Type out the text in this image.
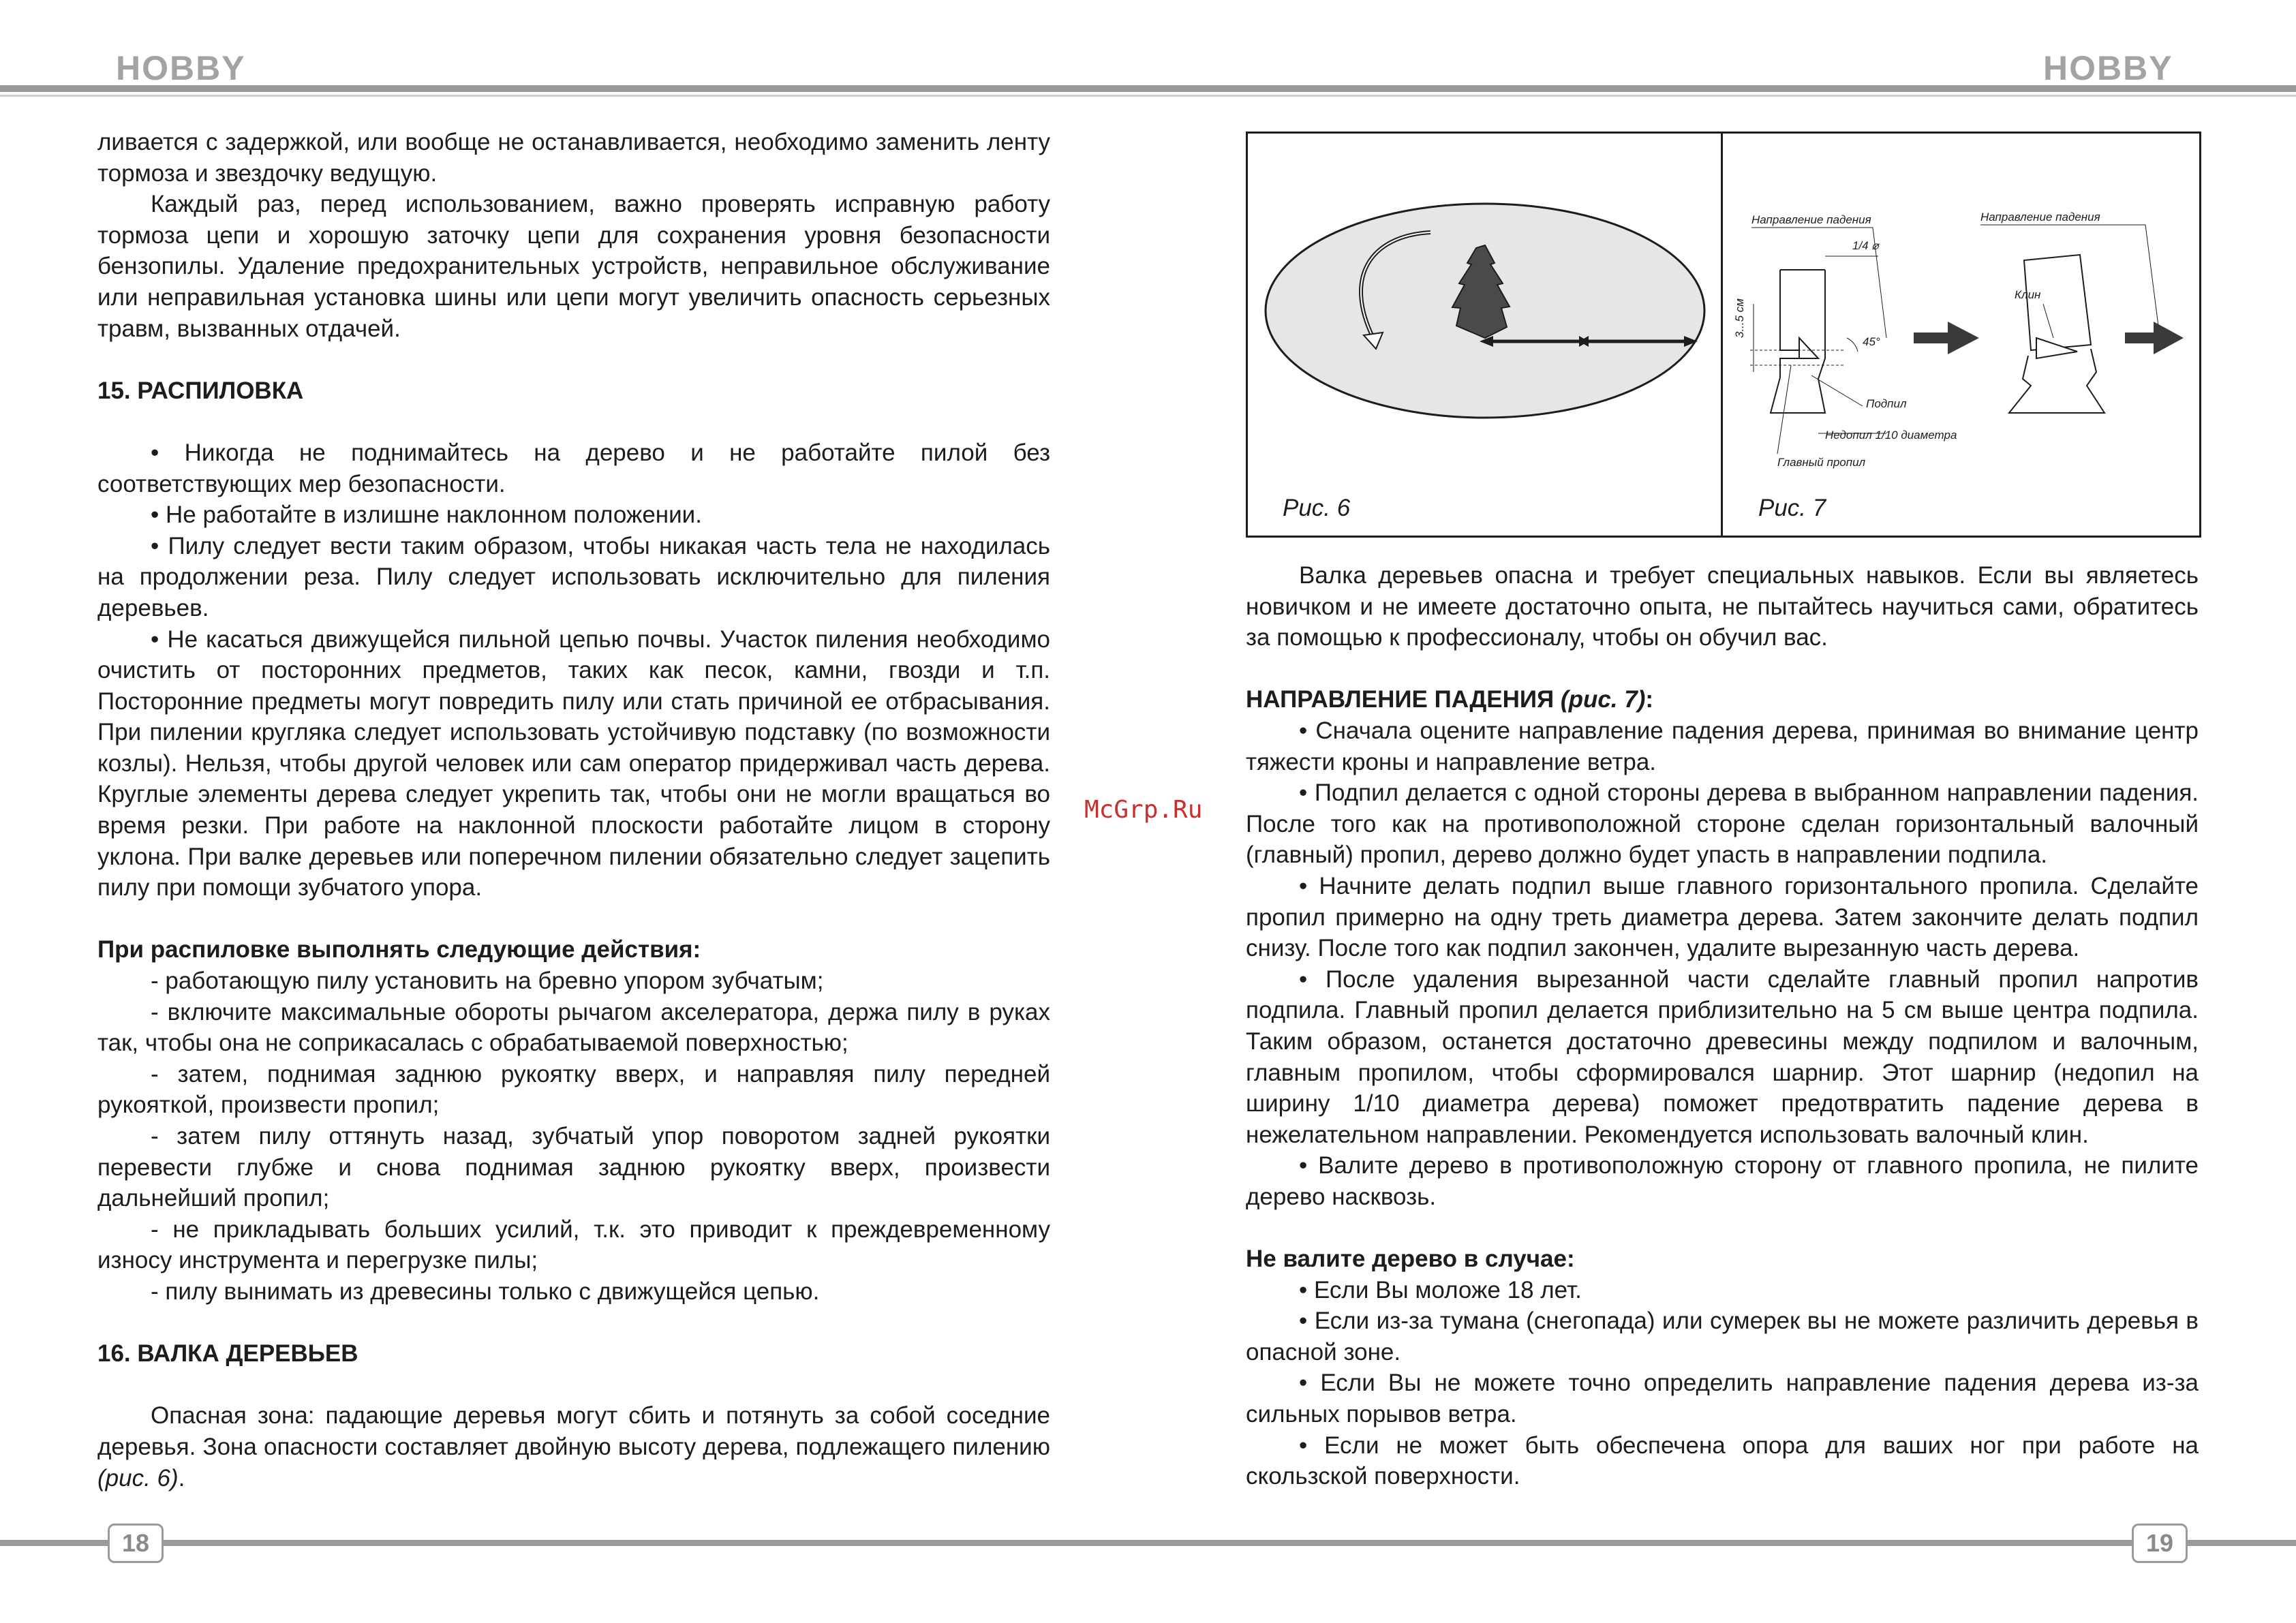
HOBBY	HOBBY

ливается с задержкой, или вообще не останавливается, необходимо заменить ленту тормоза и звездочку ведущую.

Каждый раз, перед использованием, важно проверять исправную работу тормоза цепи и хорошую заточку цепи для сохранения уровня безопасности бензопилы. Удаление предохранительных устройств, неправильное обслуживание или неправильная установка шины или цепи могут увеличить опасность серьезных травм, вызванных отдачей.

15. РАСПИЛОВКА

• Никогда не поднимайтесь на дерево и не работайте пилой без соответствующих мер безопасности.

• Не работайте в излишне наклонном положении.

• Пилу следует вести таким образом, чтобы никакая часть тела не находилась на продолжении реза. Пилу следует использовать исключительно для пиления деревьев.

• Не касаться движущейся пильной цепью почвы. Участок пиления необходимо очистить от посторонних предметов, таких как песок, камни, гвозди и т.п. Посторонние предметы могут повредить пилу или стать причиной ее отбрасывания. При пилении кругляка следует использовать устойчивую подставку (по возможности козлы). Нельзя, чтобы другой человек или сам оператор придерживал часть дерева. Круглые элементы дерева следует укрепить так, чтобы они не могли вращаться во время резки. При работе на наклонной плоскости работайте лицом в сторону уклона. При валке деревьев или поперечном пилении обязательно следует зацепить пилу при помощи зубчатого упора.

При распиловке выполнять следующие действия:

- работающую пилу установить на бревно упором зубчатым;

- включите максимальные обороты рычагом акселератора, держа пилу в руках так, чтобы она не соприкасалась с обрабатываемой поверхностью;

- затем, поднимая заднюю рукоятку вверх, и направляя пилу передней рукояткой, произвести пропил;

- затем пилу оттянуть назад, зубчатый упор поворотом задней рукоятки перевести глубже и снова поднимая заднюю рукоятку вверх, произвести дальнейший пропил;

- не прикладывать больших усилий, т.к. это приводит к преждевременному износу инструмента и перегрузке пилы;

- пилу вынимать из древесины только с движущейся цепью.

16. ВАЛКА ДЕРЕВЬЕВ

Опасная зона: падающие деревья могут сбить и потянуть за собой соседние деревья. Зона опасности составляет двойную высоту дерева, подлежащего пилению (рис. 6).

McGrp.Ru
Рис. 6
Направление падения
1/4 ⌀
3...5 см
45°
Подпил
Недопил 1/10 диаметра
Главный пропил
Направление падения
Клин
Рис. 7

Валка деревьев опасна и требует специальных навыков. Если вы являетесь новичком и не имеете достаточно опыта, не пытайтесь научиться сами, обратитесь за помощью к профессионалу, чтобы он обучил вас.

НАПРАВЛЕНИЕ ПАДЕНИЯ (рис. 7):

• Сначала оцените направление падения дерева, принимая во внимание центр тяжести кроны и направление ветра.

• Подпил делается с одной стороны дерева в выбранном направлении падения. После того как на противоположной стороне сделан горизонтальный валочный (главный) пропил, дерево должно будет упасть в направлении подпила.

• Начните делать подпил выше главного горизонтального пропила. Сделайте пропил примерно на одну треть диаметра дерева. Затем закончите делать подпил снизу. После того как подпил закончен, удалите вырезанную часть дерева.

• После удаления вырезанной части сделайте главный пропил напротив подпила. Главный пропил делается приблизительно на 5 см выше центра подпила. Таким образом, останется достаточно древесины между подпилом и валочным, главным пропилом, чтобы сформировался шарнир. Этот шарнир (недопил на ширину 1/10 диаметра дерева) поможет предотвратить падение дерева в нежелательном направлении. Рекомендуется использовать валочный клин.

• Валите дерево в противоположную сторону от главного пропила, не пилите дерево насквозь.

Не валите дерево в случае:

• Если Вы моложе 18 лет.

• Если из-за тумана (снегопада) или сумерек вы не можете различить деревья в опасной зоне.

• Если Вы не можете точно определить направление падения дерева из-за сильных порывов ветра.

• Если не может быть обеспечена опора для ваших ног при работе на скользской поверхности.

18	19
